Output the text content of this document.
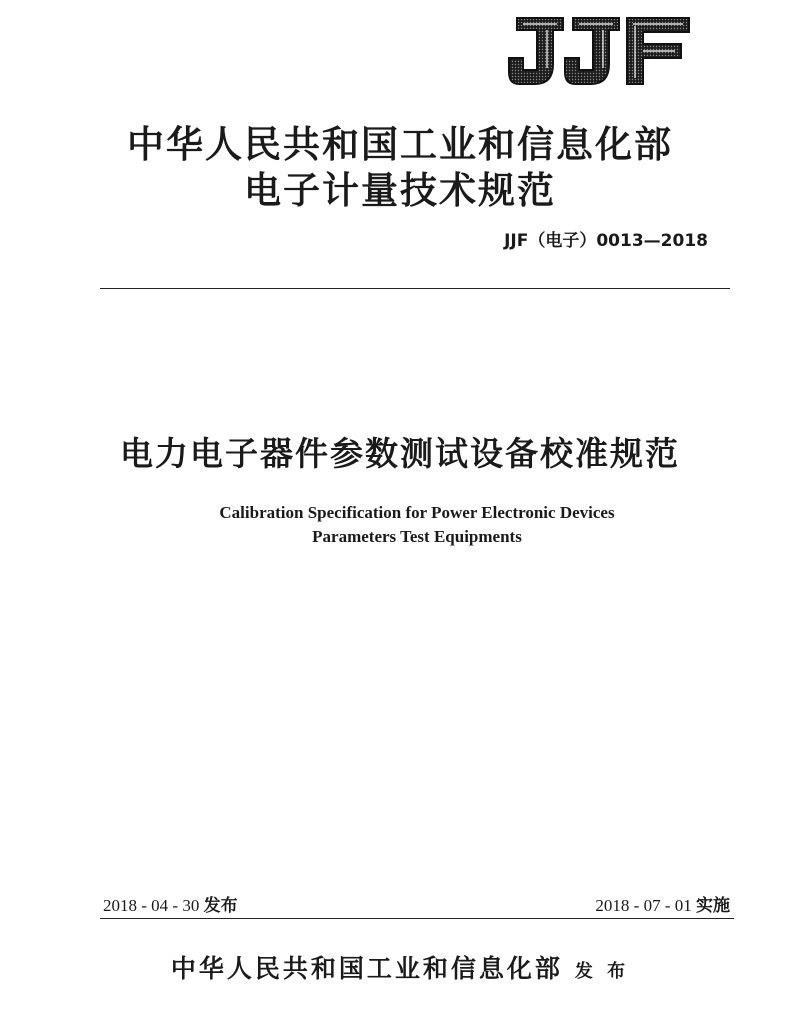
中华人民共和国工业和信息化部
电子计量技术规范
JJF（电子）0013—2018
电力电子器件参数测试设备校准规范
Calibration Specification for Power Electronic Devices
Parameters Test Equipments
2018 - 04 - 30 发布	2018 - 07 - 01 实施
中华人民共和国工业和信息化部 发 布
